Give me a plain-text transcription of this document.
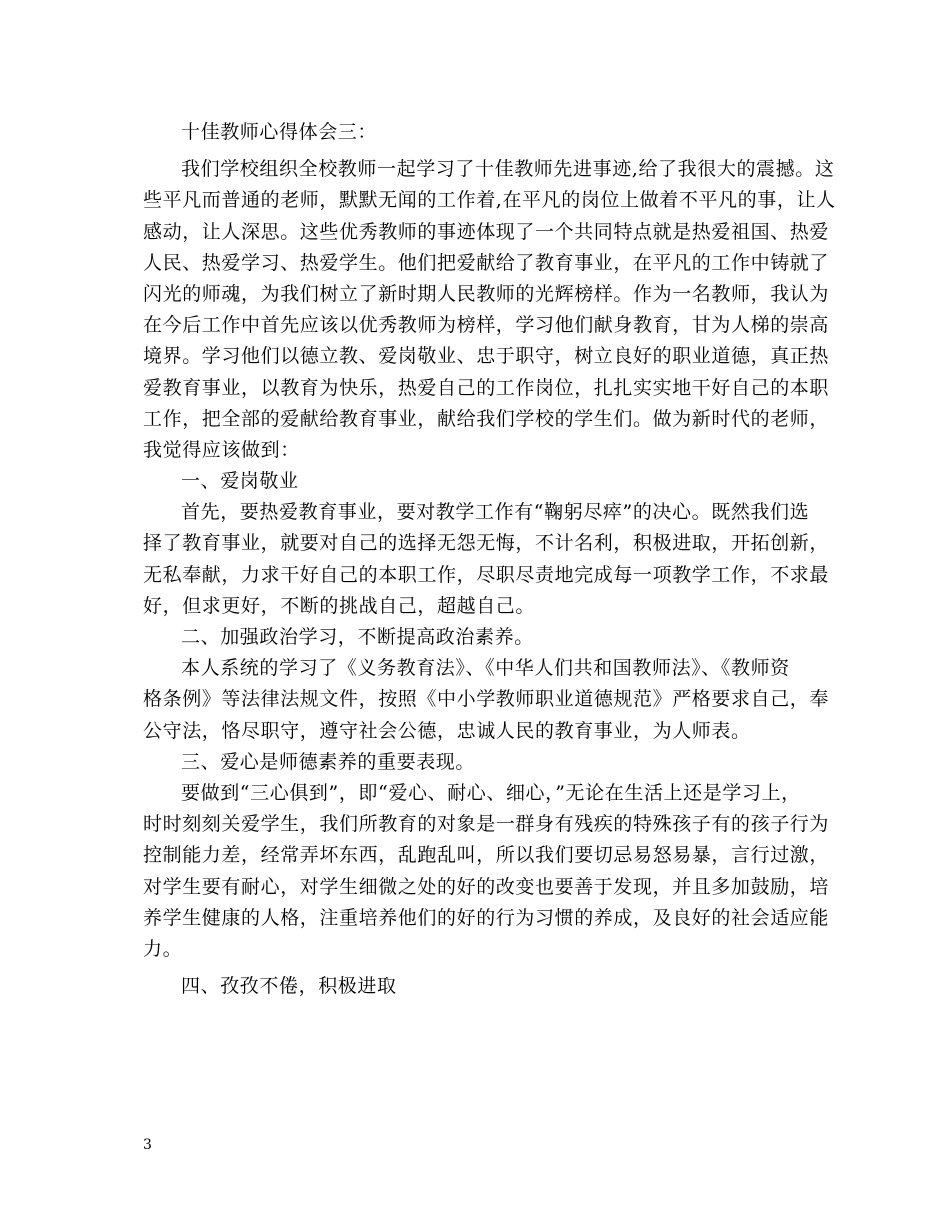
十佳教师心得体会三：
我们学校组织全校教师一起学习了十佳教师先进事迹,给了我很大的震撼。这
些平凡而普通的老师，默默无闻的工作着,在平凡的岗位上做着不平凡的事，让人
感动，让人深思。这些优秀教师的事迹体现了一个共同特点就是热爱祖国、热爱
人民、热爱学习、热爱学生。他们把爱献给了教育事业，在平凡的工作中铸就了
闪光的师魂，为我们树立了新时期人民教师的光辉榜样。作为一名教师，我认为
在今后工作中首先应该以优秀教师为榜样，学习他们献身教育，甘为人梯的崇高
境界。学习他们以德立教、爱岗敬业、忠于职守，树立良好的职业道德，真正热
爱教育事业，以教育为快乐，热爱自己的工作岗位，扎扎实实地干好自己的本职
工作，把全部的爱献给教育事业，献给我们学校的学生们。做为新时代的老师，
我觉得应该做到：
一、爱岗敬业
首先，要热爱教育事业，要对教学工作有“鞠躬尽瘁”的决心。既然我们选
择了教育事业，就要对自己的选择无怨无悔，不计名利，积极进取，开拓创新，
无私奉献，力求干好自己的本职工作，尽职尽责地完成每一项教学工作，不求最
好，但求更好，不断的挑战自己，超越自己。
二、加强政治学习，不断提高政治素养。
本人系统的学习了《义务教育法》、《中华人们共和国教师法》、《教师资
格条例》等法律法规文件，按照《中小学教师职业道德规范》严格要求自己，奉
公守法，恪尽职守，遵守社会公德，忠诚人民的教育事业，为人师表。
三、爱心是师德素养的重要表现。
要做到“三心俱到”，即“爱心、耐心、细心，”无论在生活上还是学习上，
时时刻刻关爱学生，我们所教育的对象是一群身有残疾的特殊孩子有的孩子行为
控制能力差，经常弄坏东西，乱跑乱叫，所以我们要切忌易怒易暴，言行过激，
对学生要有耐心，对学生细微之处的好的改变也要善于发现，并且多加鼓励，培
养学生健康的人格，注重培养他们的好的行为习惯的养成，及良好的社会适应能
力。
四、孜孜不倦，积极进取
3
